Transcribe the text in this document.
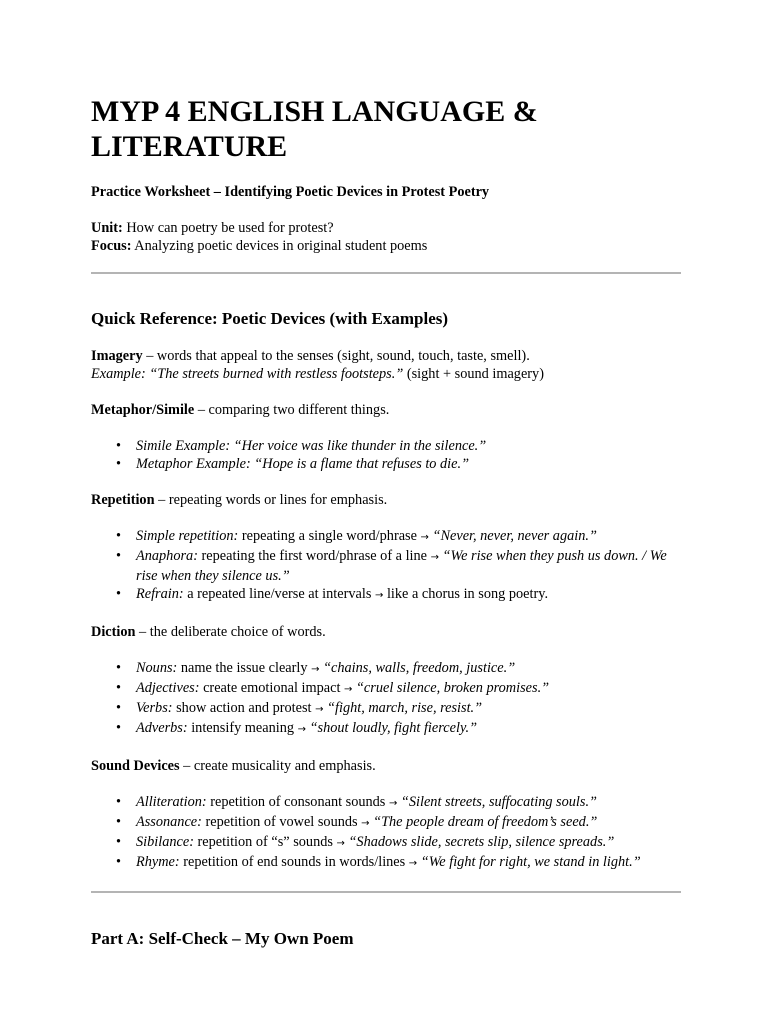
MYP 4 ENGLISH LANGUAGE & LITERATURE
Practice Worksheet – Identifying Poetic Devices in Protest Poetry
Unit: How can poetry be used for protest?
Focus: Analyzing poetic devices in original student poems
Quick Reference: Poetic Devices (with Examples)
Imagery – words that appeal to the senses (sight, sound, touch, taste, smell).
Example: “The streets burned with restless footsteps.” (sight + sound imagery)
Metaphor/Simile – comparing two different things.
• Simile Example: “Her voice was like thunder in the silence.”
• Metaphor Example: “Hope is a flame that refuses to die.”
Repetition – repeating words or lines for emphasis.
• Simple repetition: repeating a single word/phrase → “Never, never, never again.”
• Anaphora: repeating the first word/phrase of a line → “We rise when they push us down. / We rise when they silence us.”
• Refrain: a repeated line/verse at intervals → like a chorus in song poetry.
Diction – the deliberate choice of words.
• Nouns: name the issue clearly → “chains, walls, freedom, justice.”
• Adjectives: create emotional impact → “cruel silence, broken promises.”
• Verbs: show action and protest → “fight, march, rise, resist.”
• Adverbs: intensify meaning → “shout loudly, fight fiercely.”
Sound Devices – create musicality and emphasis.
• Alliteration: repetition of consonant sounds → “Silent streets, suffocating souls.”
• Assonance: repetition of vowel sounds → “The people dream of freedom’s seed.”
• Sibilance: repetition of “s” sounds → “Shadows slide, secrets slip, silence spreads.”
• Rhyme: repetition of end sounds in words/lines → “We fight for right, we stand in light.”
Part A: Self-Check – My Own Poem
